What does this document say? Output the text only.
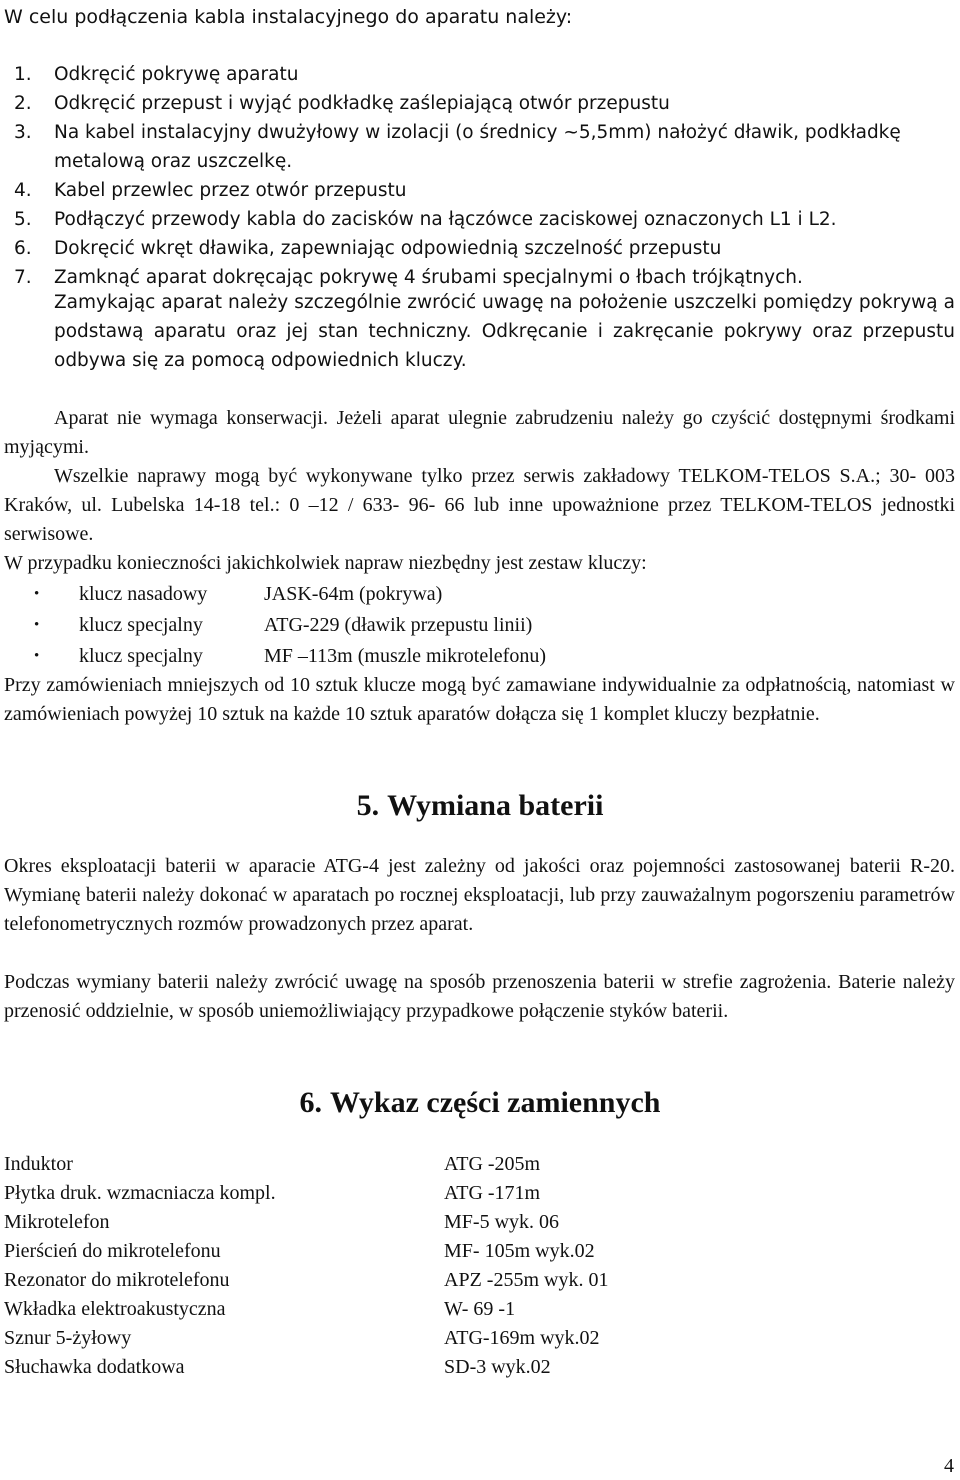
W celu podłączenia kabla instalacyjnego do aparatu należy:
1.	Odkręcić pokrywę aparatu
2.	Odkręcić przepust i wyjąć podkładkę zaślepiającą otwór przepustu
3.	Na kabel instalacyjny dwużyłowy w izolacji (o średnicy ~5,5mm) nałożyć dławik, podkładkę metalową oraz uszczelkę.
4.	Kabel przewlec przez otwór przepustu
5.	Podłączyć przewody kabla do zacisków na łączówce zaciskowej oznaczonych L1 i L2.
6.	Dokręcić wkręt dławika, zapewniając odpowiednią szczelność przepustu
7.	Zamknąć aparat dokręcając pokrywę 4 śrubami specjalnymi o łbach trójkątnych.
Zamykając aparat należy szczególnie zwrócić uwagę na położenie uszczelki pomiędzy pokrywą a podstawą aparatu oraz jej stan techniczny. Odkręcanie i zakręcanie pokrywy oraz przepustu odbywa się za pomocą odpowiednich kluczy.
Aparat nie wymaga konserwacji. Jeżeli aparat ulegnie zabrudzeniu należy go czyścić dostępnymi środkami myjącymi.
Wszelkie naprawy mogą być wykonywane tylko przez serwis zakładowy TELKOM-TELOS S.A.; 30- 003 Kraków, ul. Lubelska 14-18 tel.: 0 –12 / 633- 96- 66 lub inne upoważnione przez TELKOM-TELOS jednostki serwisowe.
W przypadku konieczności jakichkolwiek napraw niezbędny jest zestaw kluczy:
•	klucz nasadowy	JASK-64m (pokrywa)
•	klucz specjalny	ATG-229 (dławik przepustu linii)
•	klucz specjalny	MF –113m (muszle mikrotelefonu)
Przy zamówieniach mniejszych od 10 sztuk klucze mogą być zamawiane indywidualnie za odpłatnością, natomiast w zamówieniach powyżej 10 sztuk na każde 10 sztuk aparatów dołącza się 1 komplet kluczy bezpłatnie.
5. Wymiana baterii
Okres eksploatacji baterii w aparacie ATG-4 jest zależny od jakości oraz pojemności zastosowanej baterii R-20. Wymianę baterii należy dokonać w aparatach po rocznej eksploatacji, lub przy zauważalnym pogorszeniu parametrów telefonometrycznych rozmów prowadzonych przez aparat.
Podczas wymiany baterii należy zwrócić uwagę na sposób przenoszenia baterii w strefie zagrożenia. Baterie należy przenosić oddzielnie, w sposób uniemożliwiający przypadkowe połączenie styków baterii.
6. Wykaz części zamiennych
Induktor	ATG -205m
Płytka druk. wzmacniacza kompl.	ATG -171m
Mikrotelefon	MF-5 wyk. 06
Pierścień do mikrotelefonu	MF- 105m wyk.02
Rezonator do mikrotelefonu	APZ -255m wyk. 01
Wkładka elektroakustyczna	W- 69 -1
Sznur 5-żyłowy	ATG-169m wyk.02
Słuchawka dodatkowa	SD-3 wyk.02
4
